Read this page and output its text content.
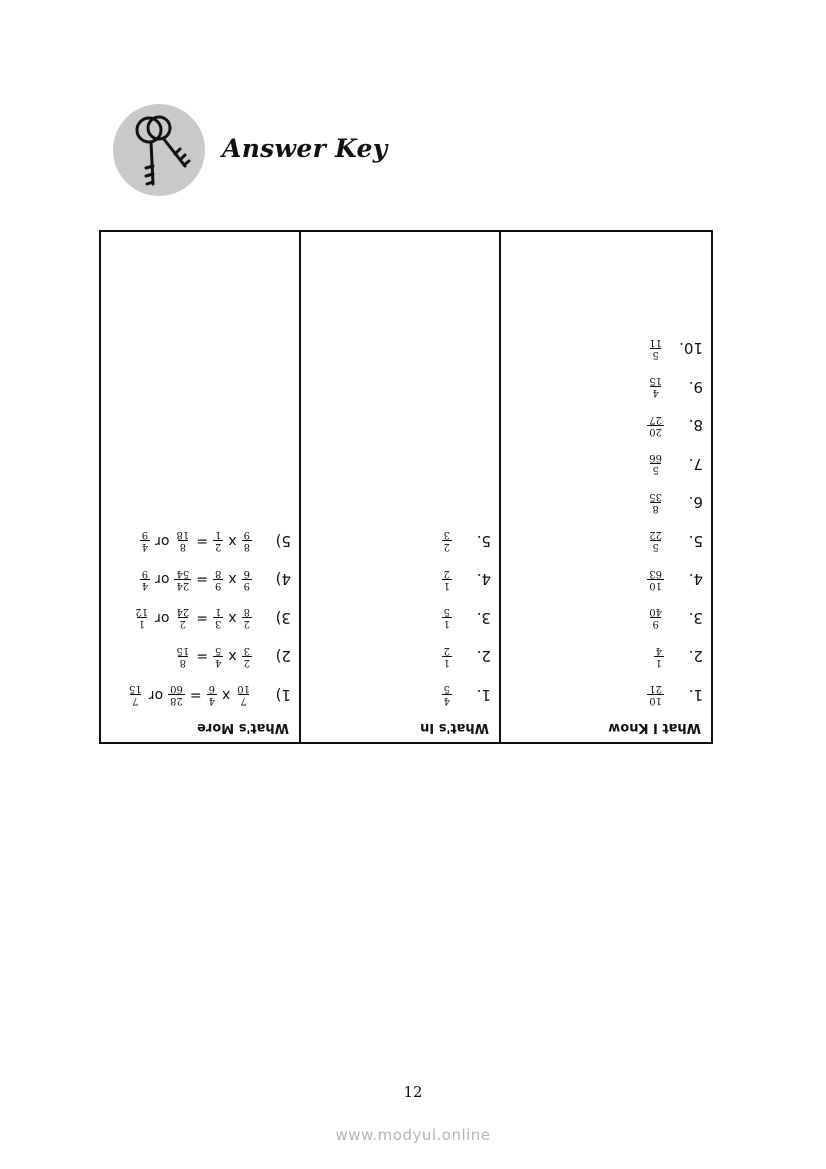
Answer Key
What's More
1)
7
10
x
4
6
=
28
60
or
7
15
2)
2
3
x
4
5
=
8
15
3)
2
8
x
3
1
=
2
24
or
1
12
4)
9
6
x
9
8
=
24
54
or
4
9
5)
8
9
x
2
1
=
8
18
or
4
9
What's In
1.
4
5
2.
1
2
3.
1
5
4.
1
2
5.
2
3
What I Know
1.
10
21
2.
1
4
3.
9
40
4.
10
63
5.
5
22
6.
8
35
7.
5
66
8.
20
27
9.
4
15
10.
5
11
12
www.modyul.online
